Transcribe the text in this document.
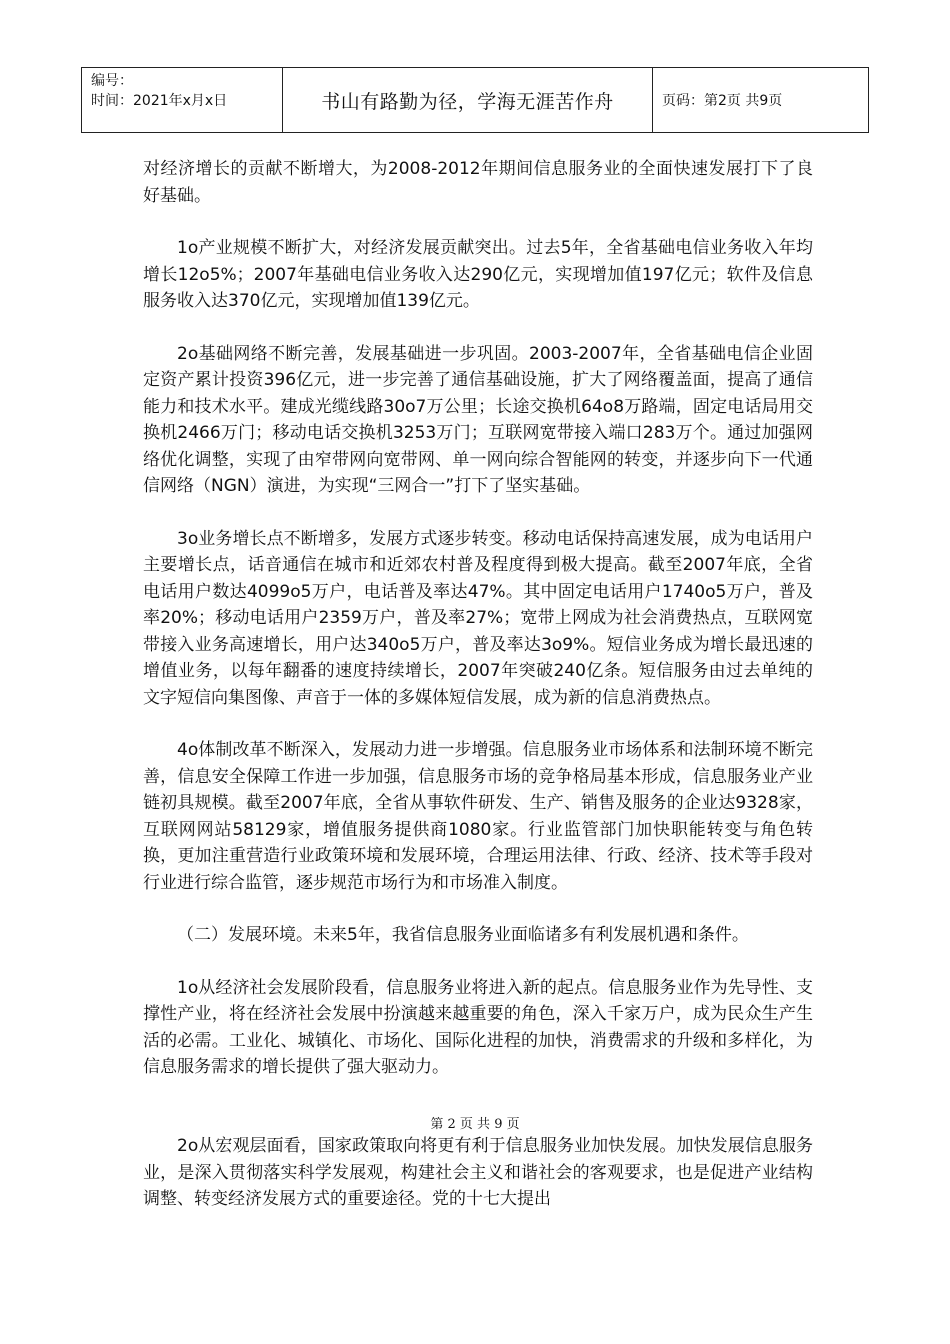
编号：
时间：2021年x月x日	书山有路勤为径，学海无涯苦作舟	页码：第2页 共9页

对经济增长的贡献不断增大，为2008-2012年期间信息服务业的全面快速发展打下了良好基础。

1o产业规模不断扩大，对经济发展贡献突出。过去5年，全省基础电信业务收入年均增长12o5%；2007年基础电信业务收入达290亿元，实现增加值197亿元；软件及信息服务收入达370亿元，实现增加值139亿元。

2o基础网络不断完善，发展基础进一步巩固。2003-2007年，全省基础电信企业固定资产累计投资396亿元，进一步完善了通信基础设施，扩大了网络覆盖面，提高了通信能力和技术水平。建成光缆线路30o7万公里；长途交换机64o8万路端，固定电话局用交换机2466万门；移动电话交换机3253万门；互联网宽带接入端口283万个。通过加强网络优化调整，实现了由窄带网向宽带网、单一网向综合智能网的转变，并逐步向下一代通信网络（NGN）演进，为实现“三网合一”打下了坚实基础。

3o业务增长点不断增多，发展方式逐步转变。移动电话保持高速发展，成为电话用户主要增长点，话音通信在城市和近郊农村普及程度得到极大提高。截至2007年底，全省电话用户数达4099o5万户，电话普及率达47%。其中固定电话用户1740o5万户，普及率20%；移动电话用户2359万户，普及率27%；宽带上网成为社会消费热点，互联网宽带接入业务高速增长，用户达340o5万户，普及率达3o9%。短信业务成为增长最迅速的增值业务，以每年翻番的速度持续增长，2007年突破240亿条。短信服务由过去单纯的文字短信向集图像、声音于一体的多媒体短信发展，成为新的信息消费热点。

4o体制改革不断深入，发展动力进一步增强。信息服务业市场体系和法制环境不断完善，信息安全保障工作进一步加强，信息服务市场的竞争格局基本形成，信息服务业产业链初具规模。截至2007年底，全省从事软件研发、生产、销售及服务的企业达9328家，互联网网站58129家，增值服务提供商1080家。行业监管部门加快职能转变与角色转换，更加注重营造行业政策环境和发展环境，合理运用法律、行政、经济、技术等手段对行业进行综合监管，逐步规范市场行为和市场准入制度。

（二）发展环境。未来5年，我省信息服务业面临诸多有利发展机遇和条件。

1o从经济社会发展阶段看，信息服务业将进入新的起点。信息服务业作为先导性、支撑性产业，将在经济社会发展中扮演越来越重要的角色，深入千家万户，成为民众生产生活的必需。工业化、城镇化、市场化、国际化进程的加快，消费需求的升级和多样化，为信息服务需求的增长提供了强大驱动力。

第 2 页 共 9 页

2o从宏观层面看，国家政策取向将更有利于信息服务业加快发展。加快发展信息服务业，是深入贯彻落实科学发展观，构建社会主义和谐社会的客观要求，也是促进产业结构调整、转变经济发展方式的重要途径。党的十七大提出
